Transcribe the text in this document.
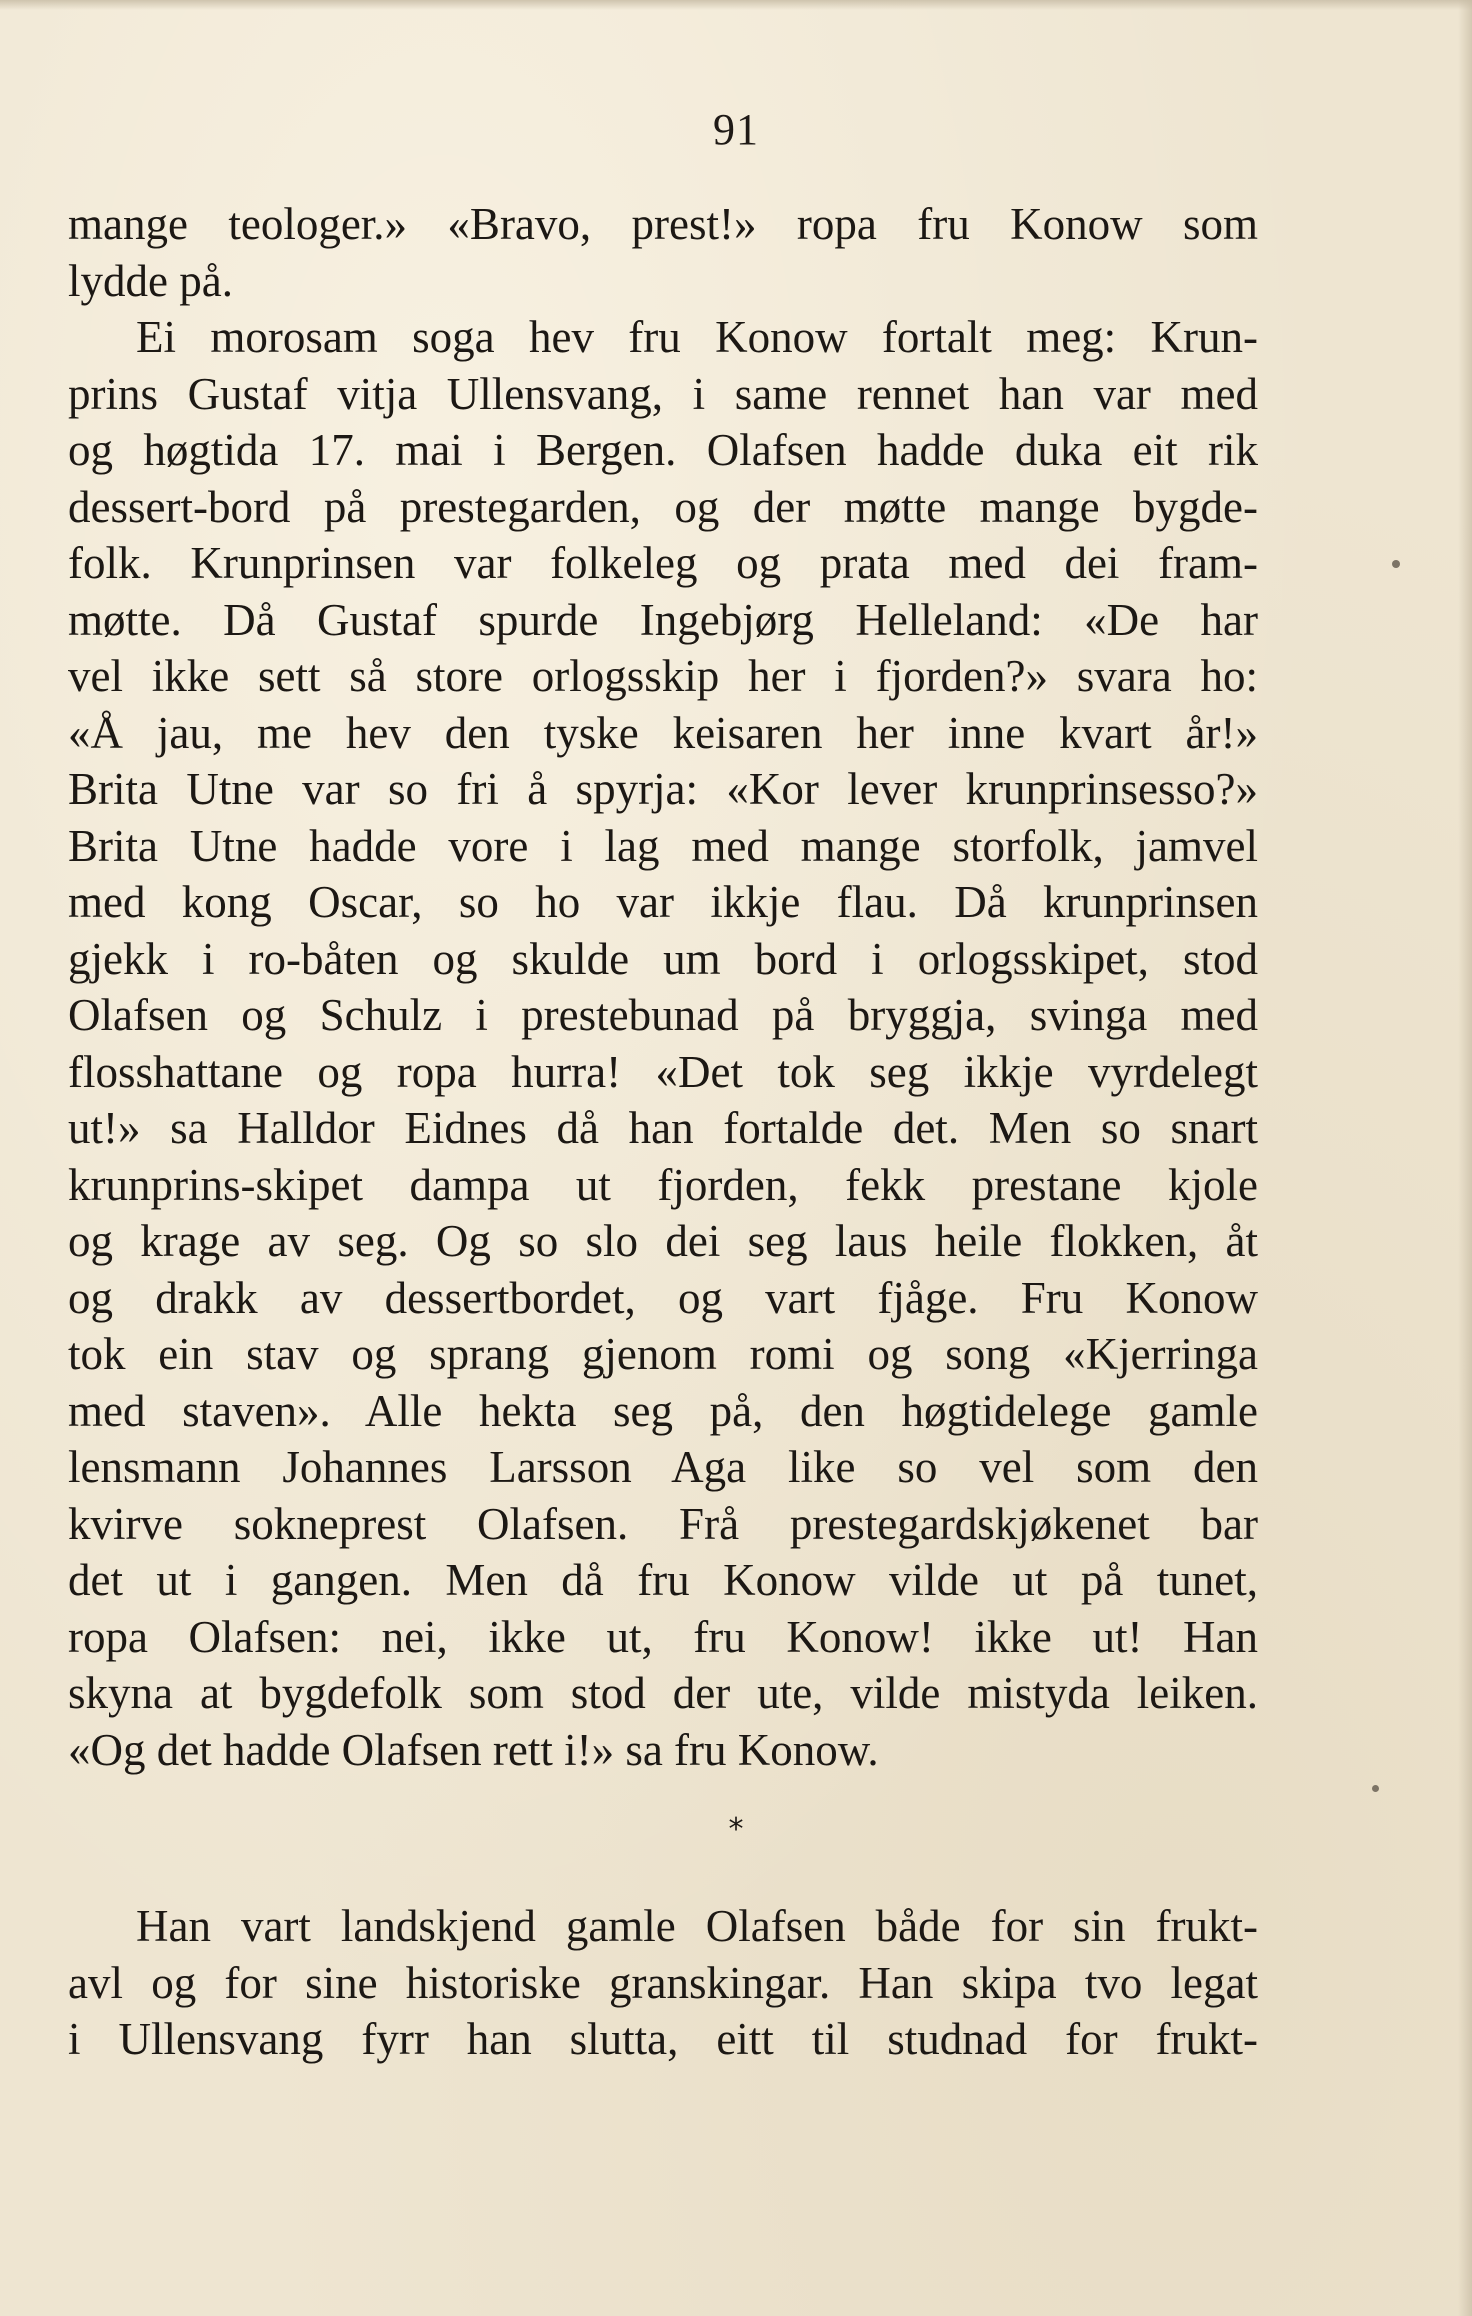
91
mange teologer.» «Bravo, prest!» ropa fru Konow som
lydde på.
Ei morosam soga hev fru Konow fortalt meg: Krun-
prins Gustaf vitja Ullensvang, i same rennet han var med
og høgtida 17. mai i Bergen. Olafsen hadde duka eit rik
dessert-bord på prestegarden, og der møtte mange bygde-
folk. Krunprinsen var folkeleg og prata med dei fram-
møtte. Då Gustaf spurde Ingebjørg Helleland: «De har
vel ikke sett så store orlogsskip her i fjorden?» svara ho:
«Å jau, me hev den tyske keisaren her inne kvart år!»
Brita Utne var so fri å spyrja: «Kor lever krunprinsesso?»
Brita Utne hadde vore i lag med mange storfolk, jamvel
med kong Oscar, so ho var ikkje flau. Då krunprinsen
gjekk i ro-båten og skulde um bord i orlogsskipet, stod
Olafsen og Schulz i prestebunad på bryggja, svinga med
flosshattane og ropa hurra! «Det tok seg ikkje vyrdelegt
ut!» sa Halldor Eidnes då han fortalde det. Men so snart
krunprins-skipet dampa ut fjorden, fekk prestane kjole
og krage av seg. Og so slo dei seg laus heile flokken, åt
og drakk av dessertbordet, og vart fjåge. Fru Konow
tok ein stav og sprang gjenom romi og song «Kjerringa
med staven». Alle hekta seg på, den høgtidelege gamle
lensmann Johannes Larsson Aga like so vel som den
kvirve sokneprest Olafsen. Frå prestegardskjøkenet bar
det ut i gangen. Men då fru Konow vilde ut på tunet,
ropa Olafsen: nei, ikke ut, fru Konow! ikke ut! Han
skyna at bygdefolk som stod der ute, vilde mistyda leiken.
«Og det hadde Olafsen rett i!» sa fru Konow.
*
Han vart landskjend gamle Olafsen både for sin frukt-
avl og for sine historiske granskingar. Han skipa tvo legat
i Ullensvang fyrr han slutta, eitt til studnad for frukt-
